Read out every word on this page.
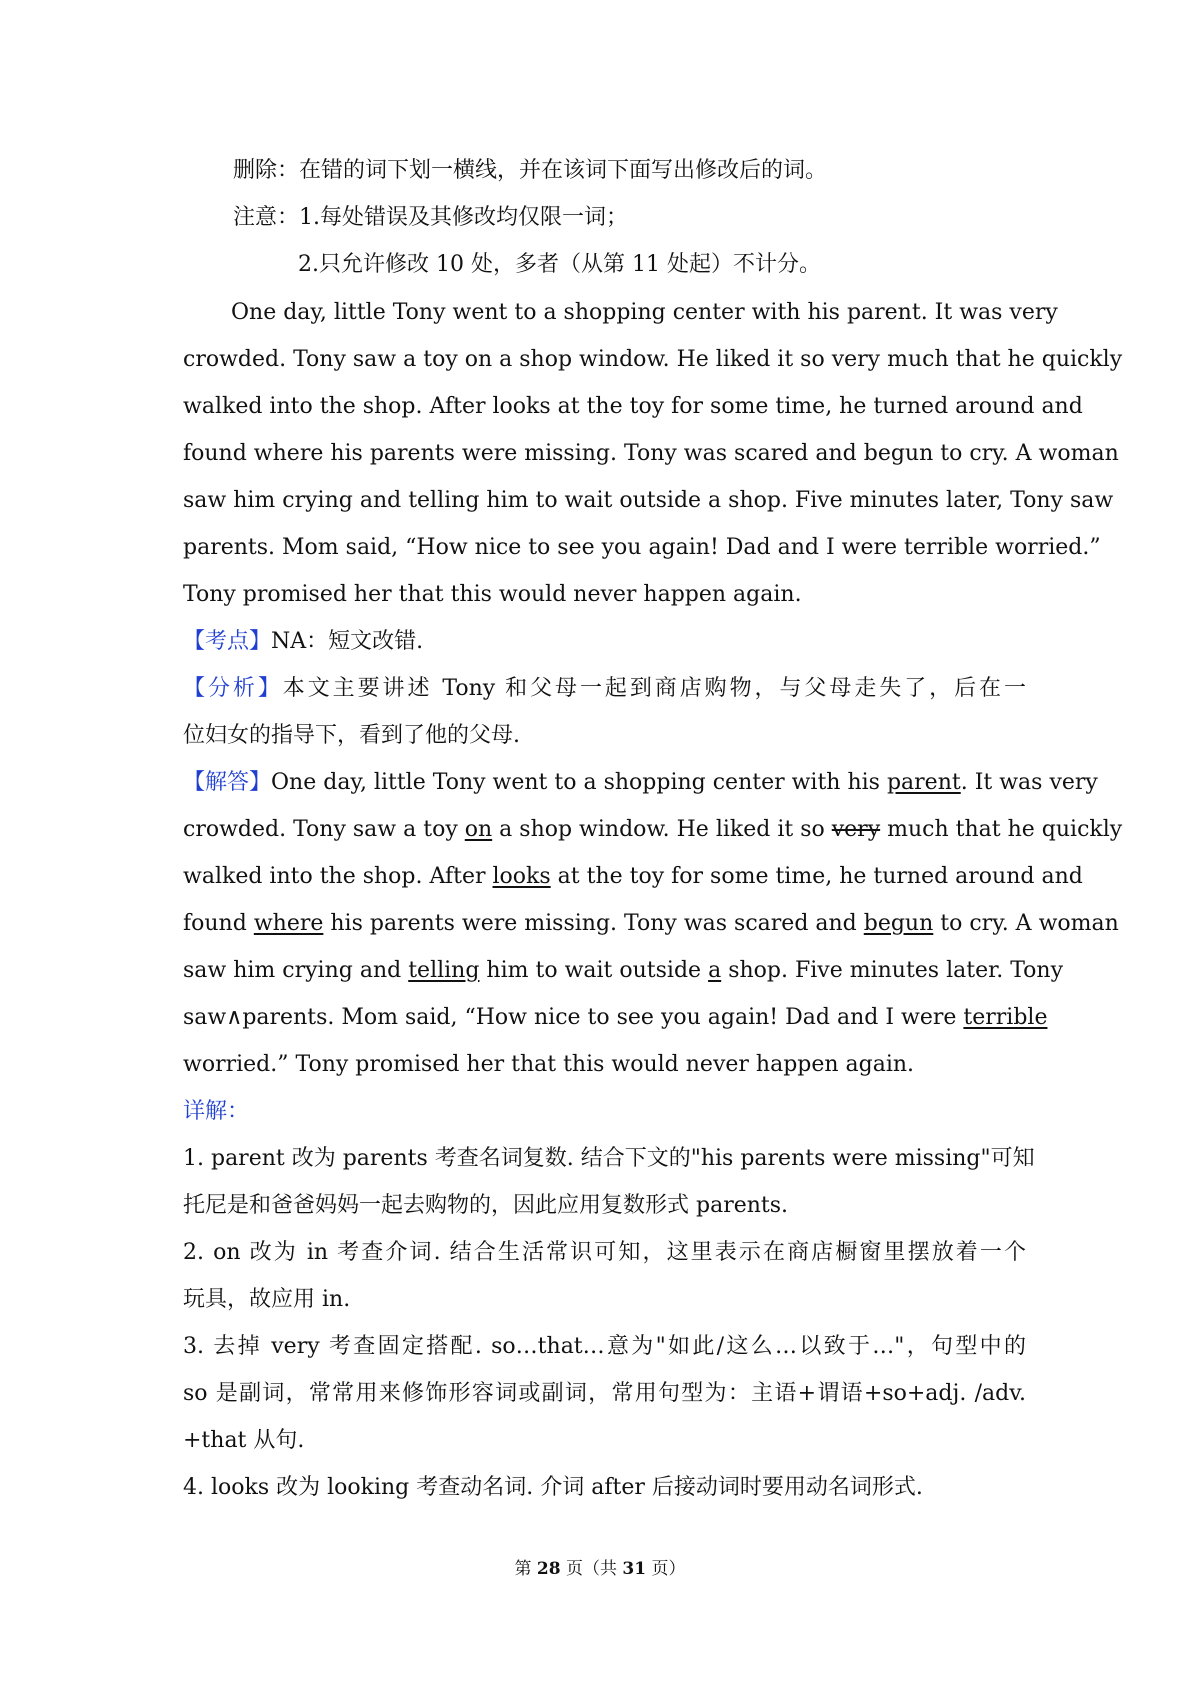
删除：在错的词下划一横线，并在该词下面写出修改后的词。
注意：1.每处错误及其修改均仅限一词；
2.只允许修改 10 处，多者（从第 11 处起）不计分。
One day, little Tony went to a shopping center with his parent. It was very
crowded. Tony saw a toy on a shop window. He liked it so very much that he quickly
walked into the shop. After looks at the toy for some time, he turned around and
found where his parents were missing. Tony was scared and begun to cry. A woman
saw him crying and telling him to wait outside a shop. Five minutes later, Tony saw
parents. Mom said, “How nice to see you again! Dad and I were terrible worried.”
Tony promised her that this would never happen again.
【考点】NA：短文改错.
【分析】本文主要讲述 Tony 和父母一起到商店购物，与父母走失了，后在一
位妇女的指导下，看到了他的父母.
【解答】One day, little Tony went to a shopping center with his parent. It was very
crowded. Tony saw a toy on a shop window. He liked it so very much that he quickly
walked into the shop. After looks at the toy for some time, he turned around and
found where his parents were missing. Tony was scared and begun to cry. A woman
saw him crying and telling him to wait outside a shop. Five minutes later. Tony
saw∧parents. Mom said, “How nice to see you again! Dad and I were terrible
worried.” Tony promised her that this would never happen again.
详解：
1. parent 改为 parents 考查名词复数. 结合下文的"his parents were missing"可知
托尼是和爸爸妈妈一起去购物的，因此应用复数形式 parents.
2. on 改为 in 考查介词. 结合生活常识可知，这里表示在商店橱窗里摆放着一个
玩具，故应用 in.
3. 去掉 very 考查固定搭配. so…that…意为"如此/这么…以致于…"，句型中的
so 是副词，常常用来修饰形容词或副词，常用句型为：主语+谓语+so+adj. /adv.
+that 从句.
4. looks 改为 looking 考查动名词. 介词 after 后接动词时要用动名词形式.
第 28 页（共 31 页）
